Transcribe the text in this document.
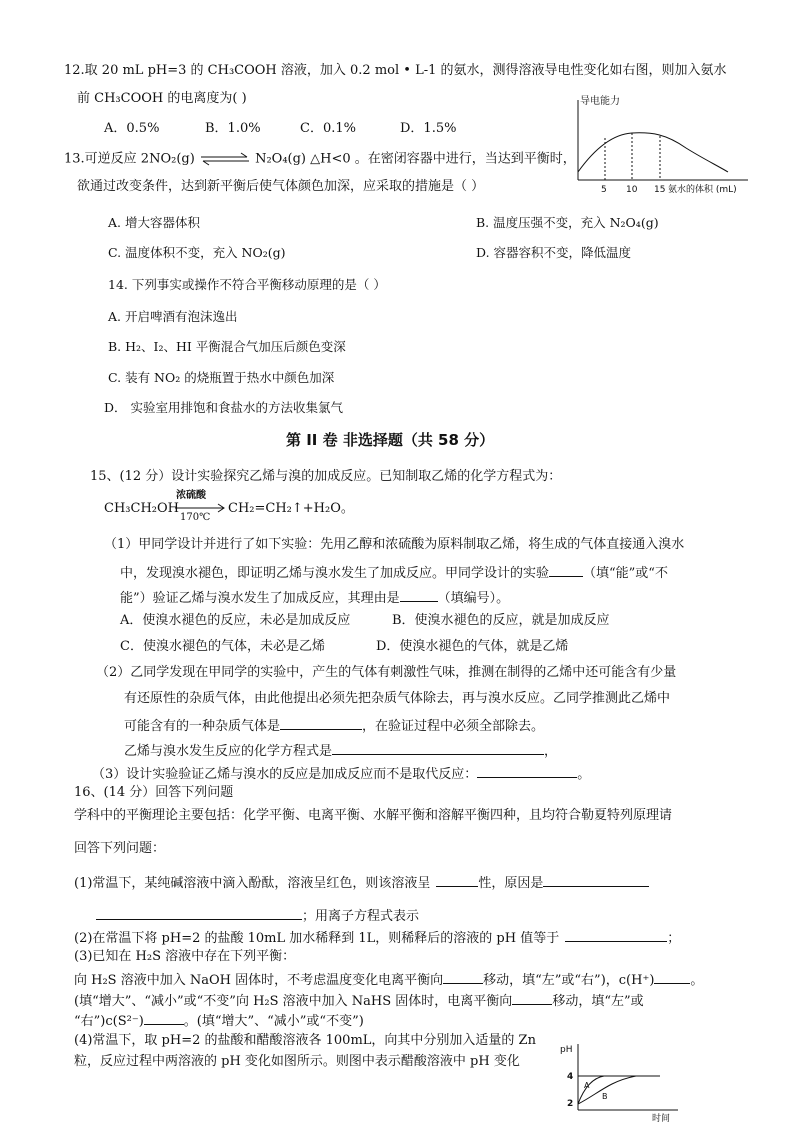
12.取 20 mL pH=3 的 CH₃COOH 溶液，加入 0.2 mol • L-1 的氨水，测得溶液导电性变化如右图，则加入氨水
前 CH₃COOH 的电离度为( )
A．0.5%	B．1.0%	C．0.1%	D．1.5%
导电能力
5 10 15 氨水的体积 (mL)
13.可逆反应 2NO₂(g) ⇌ N₂O₄(g) △H<0 。在密闭容器中进行，当达到平衡时，
欲通过改变条件，达到新平衡后使气体颜色加深，应采取的措施是（ ）
A. 增大容器体积	B. 温度压强不变，充入 N₂O₄(g)
C. 温度体积不变，充入 NO₂(g)	D. 容器容积不变，降低温度
14. 下列事实或操作不符合平衡移动原理的是（ ）
A. 开启啤酒有泡沫逸出
B. H₂、I₂、HI 平衡混合气加压后颜色变深
C. 装有 NO₂ 的烧瓶置于热水中颜色加深
D． 实验室用排饱和食盐水的方法收集氯气
第 II 卷 非选择题（共 58 分）
15、(12 分）设计实验探究乙烯与溴的加成反应。已知制取乙烯的化学方程式为：
CH₃CH₂OH
浓硫酸
170℃
CH₂=CH₂↑+H₂O。
（1）甲同学设计并进行了如下实验：先用乙醇和浓硫酸为原料制取乙烯，将生成的气体直接通入溴水
中，发现溴水褪色，即证明乙烯与溴水发生了加成反应。甲同学设计的实验	（填“能”或“不
能”）验证乙烯与溴水发生了加成反应，其理由是	（填编号）。
A．使溴水褪色的反应，未必是加成反应	B．使溴水褪色的反应，就是加成反应
C．使溴水褪色的气体，未必是乙烯	D．使溴水褪色的气体，就是乙烯
（2）乙同学发现在甲同学的实验中，产生的气体有刺激性气味，推测在制得的乙烯中还可能含有少量
有还原性的杂质气体，由此他提出必须先把杂质气体除去，再与溴水反应。乙同学推测此乙烯中
可能含有的一种杂质气体是	，在验证过程中必须全部除去。
乙烯与溴水发生反应的化学方程式是	，
（3）设计实验验证乙烯与溴水的反应是加成反应而不是取代反应：	。
16、(14 分）回答下列问题
学科中的平衡理论主要包括：化学平衡、电离平衡、水解平衡和溶解平衡四种，且均符合勒夏特列原理请
回答下列问题：
(1)常温下，某纯碱溶液中滴入酚酞，溶液呈红色，则该溶液呈	性，原因是
；用离子方程式表示
(2)在常温下将 pH=2 的盐酸 10mL 加水稀释到 1L，则稀释后的溶液的 pH 值等于	；
(3)已知在 H₂S 溶液中存在下列平衡：
向 H₂S 溶液中加入 NaOH 固体时，不考虑温度变化电离平衡向	移动，填“左”或“右”)，c(H⁺)	。
(填“增大”、“减小”或“不变”向 H₂S 溶液中加入 NaHS 固体时，电离平衡向	移动，填“左”或
“右”)c(S²⁻)	。(填“增大”、“减小”或“不变”)
(4)常温下，取 pH=2 的盐酸和醋酸溶液各 100mL，向其中分别加入适量的 Zn
粒，反应过程中两溶液的 pH 变化如图所示。则图中表示醋酸溶液中 pH 变化
pH
4
2
A
B
时间
